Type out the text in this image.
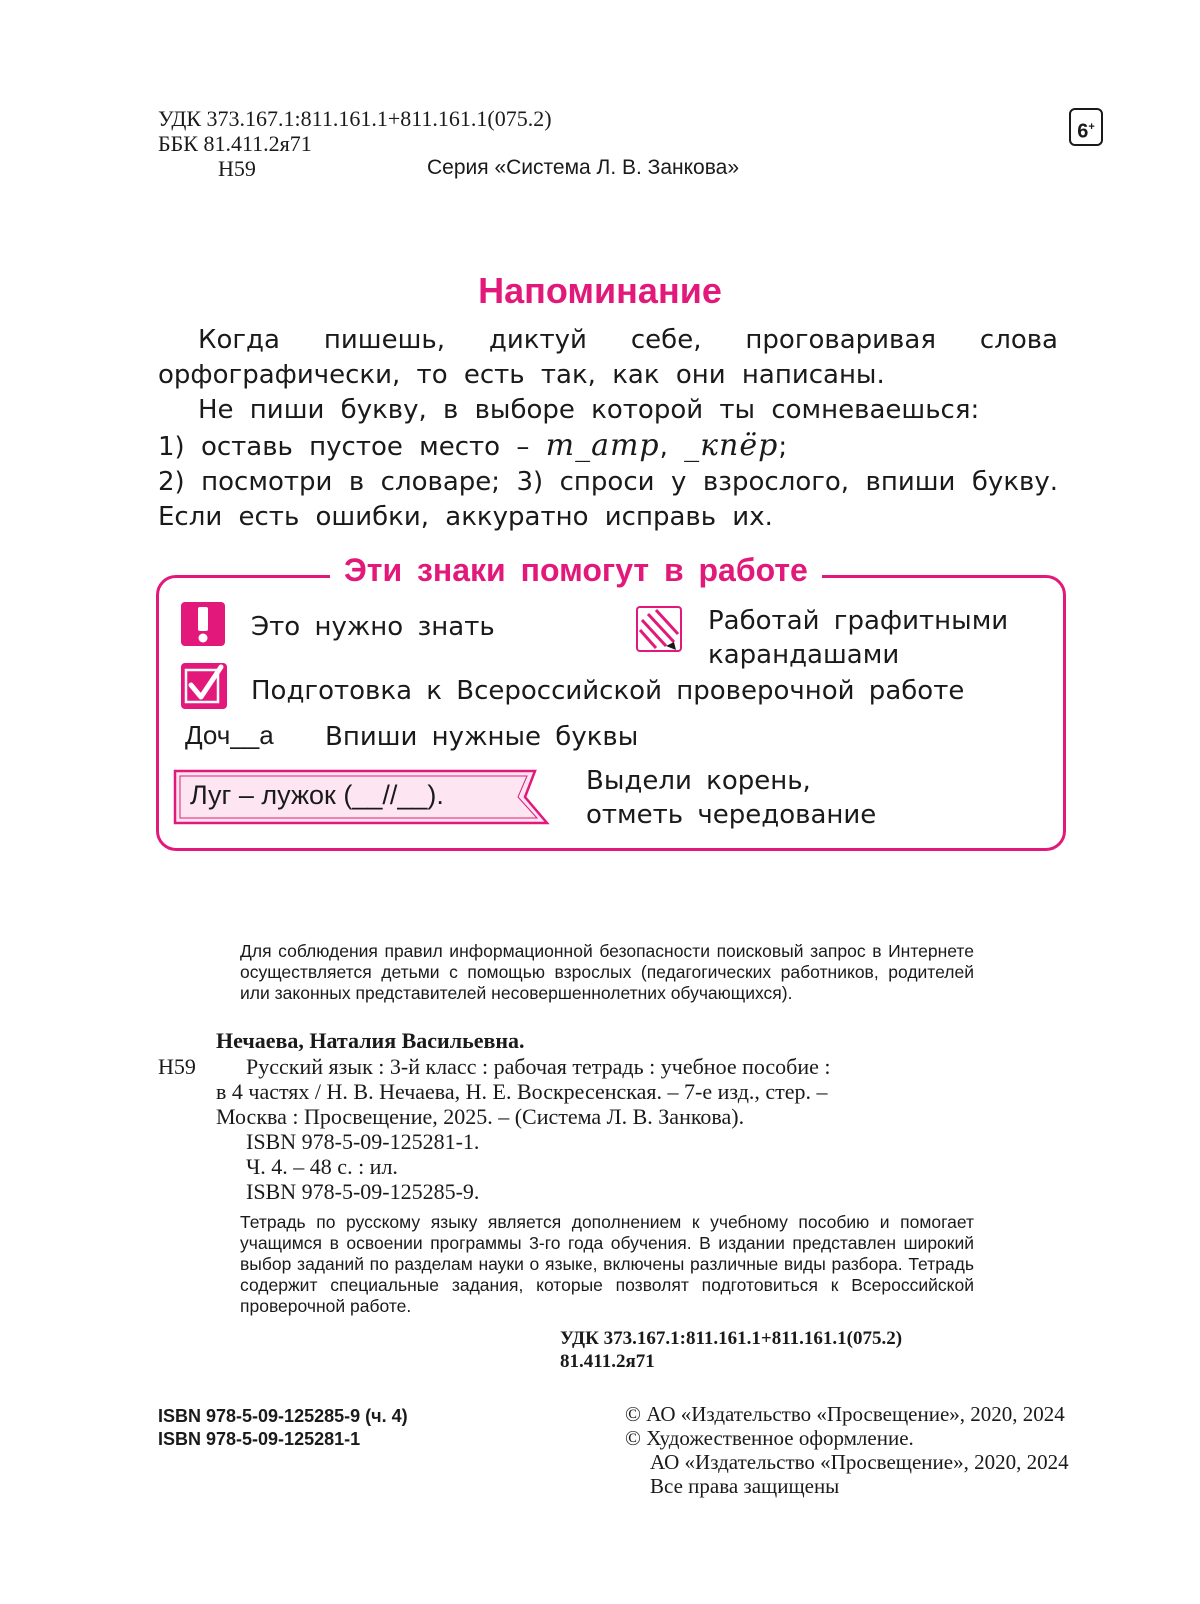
УДК 373.167.1:811.161.1+811.161.1(075.2)
ББК 81.411.2я71
Н59	Серия «Система Л. В. Занкова»
6+
Напоминание

Когда пишешь, диктуй себе, проговаривая слова орфографически, то есть так, как они написаны.

Не пиши букву, в выборе которой ты сомневаешься:

1) оставь пустое место – т_атр, _кпёр;

2) посмотри в словаре; 3) спроси у взрослого, впиши букву. Если есть ошибки, аккуратно исправь их.

Эти знаки помогут в работе
Это нужно знать	Работай графитными
карандашами
Подготовка к Всероссийской проверочной работе
Доч__а Впиши нужные буквы
Луг – лужок (__//__).	Выдели корень,
отметь чередование
Для соблюдения правил информационной безопасности поисковый запрос в Интернете осуществляется детьми с помощью взрослых (педагогических работников, родителей или законных представителей несовершеннолетних обучающихся).
Нечаева, Наталия Васильевна.
Н59	Русский язык : 3-й класс : рабочая тетрадь : учебное пособие :
в 4 частях / Н. В. Нечаева, Н. Е. Воскресенская. – 7-е изд., стер. –
Москва : Просвещение, 2025. – (Система Л. В. Занкова).
ISBN 978-5-09-125281-1.
Ч. 4. – 48 с. : ил.
ISBN 978-5-09-125285-9.
Тетрадь по русскому языку является дополнением к учебному пособию и помогает учащимся в освоении программы 3-го года обучения. В издании представлен широкий выбор заданий по разделам науки о языке, включены различные виды разбора. Тетрадь содержит специальные задания, которые позволят подготовиться к Всероссийской проверочной работе.
УДК 373.167.1:811.161.1+811.161.1(075.2)
81.411.2я71
ISBN 978-5-09-125285-9 (ч. 4)
ISBN 978-5-09-125281-1
© АО «Издательство «Просвещение», 2020, 2024
© Художественное оформление.
АО «Издательство «Просвещение», 2020, 2024
Все права защищены
